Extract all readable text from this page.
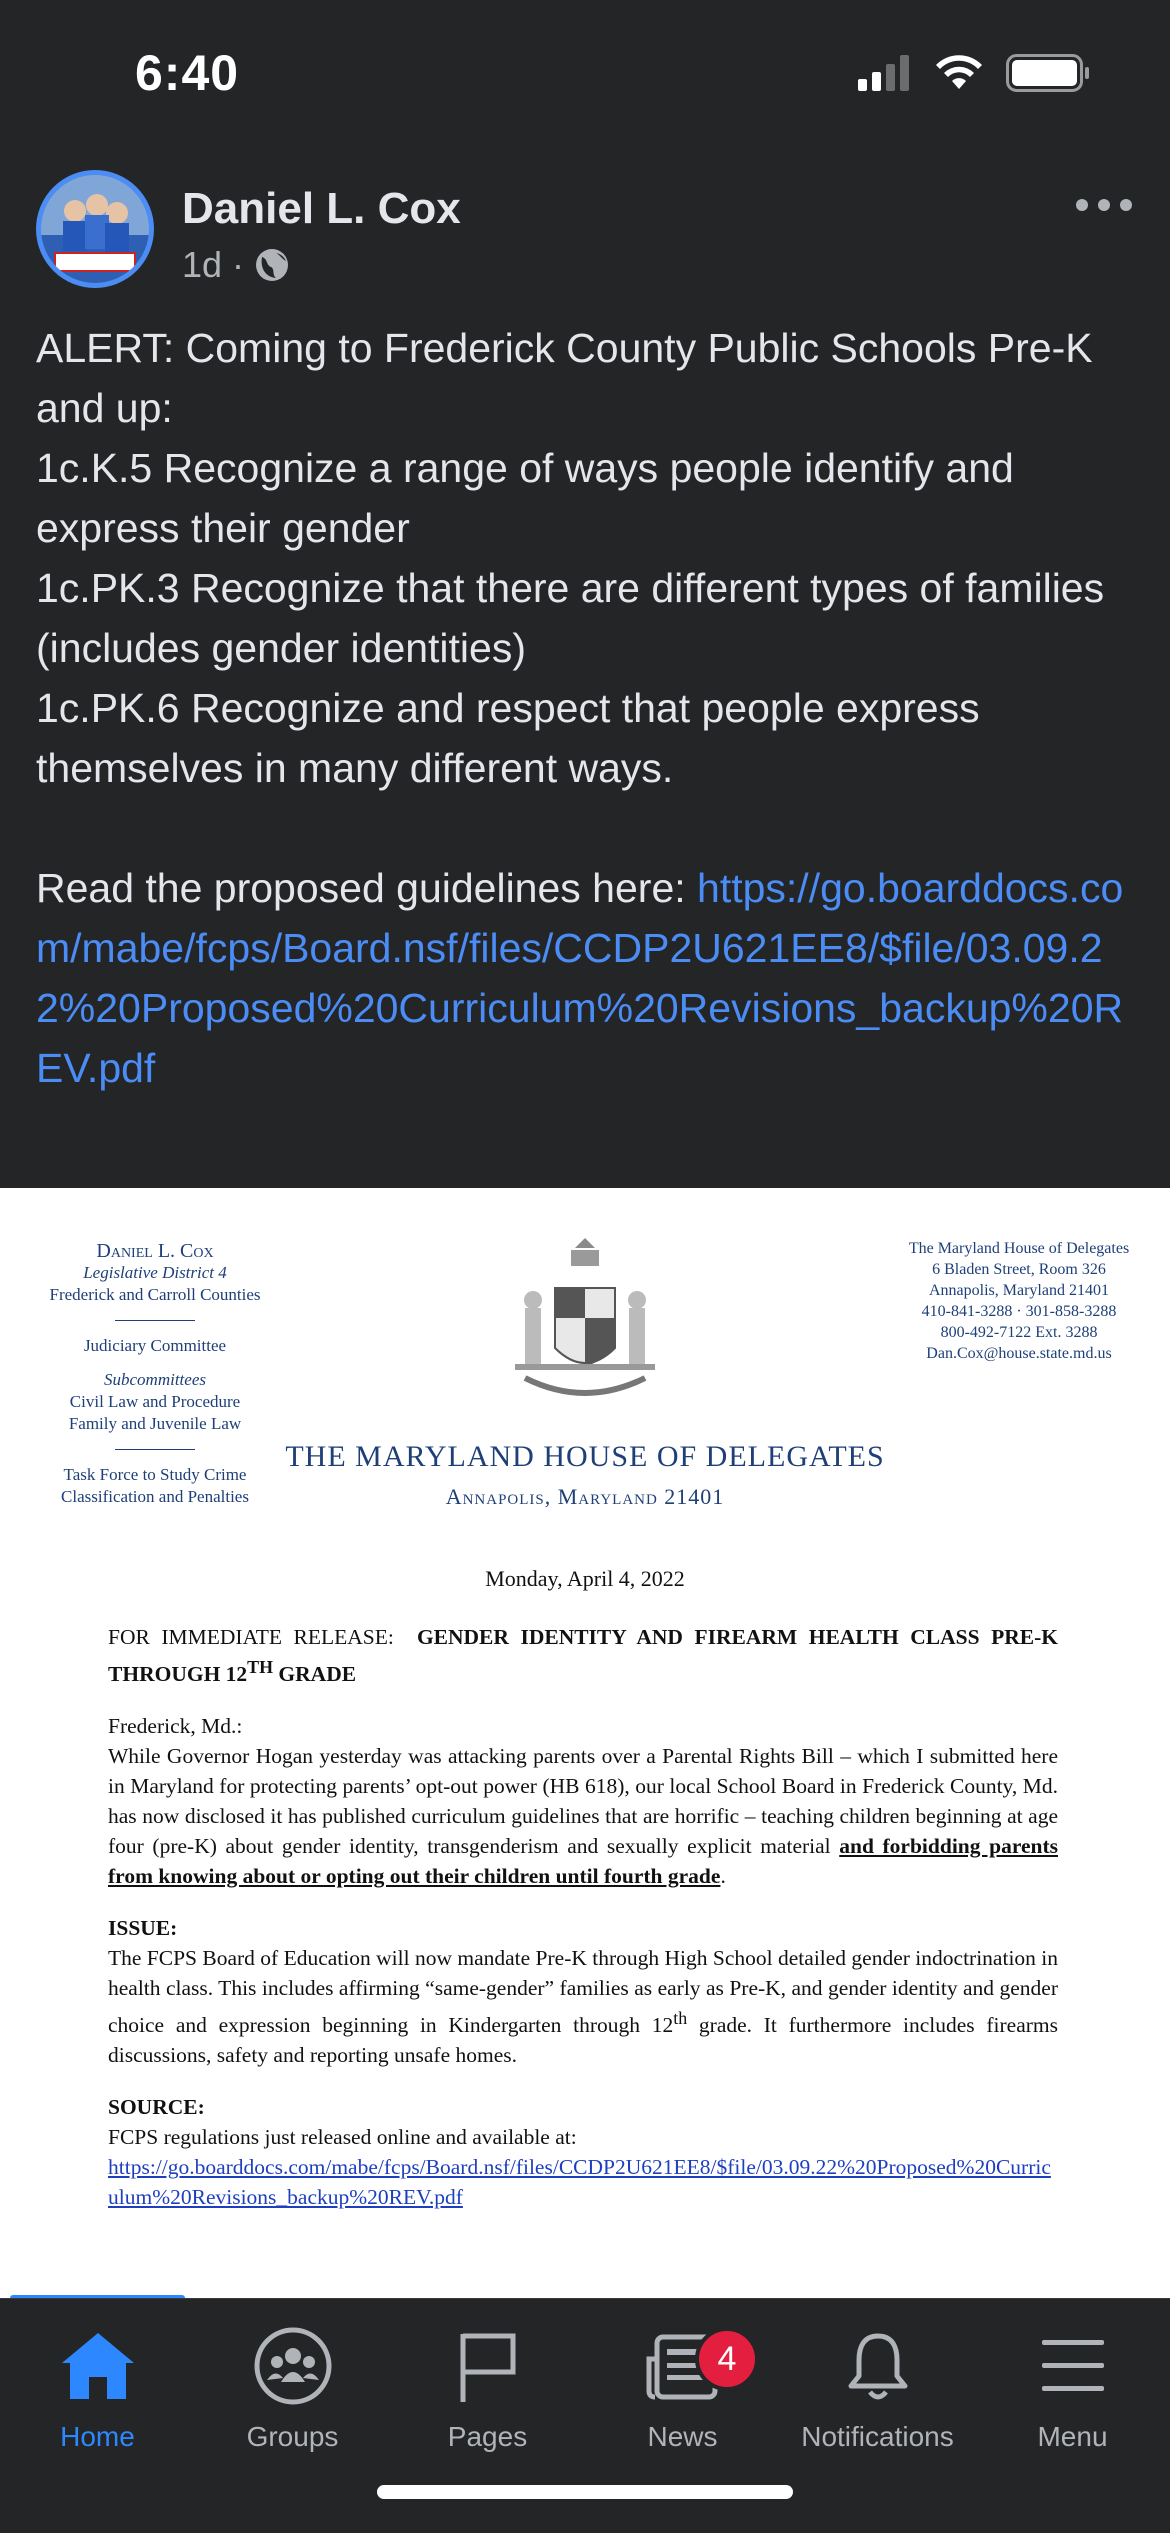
6:40
Daniel L. Cox
1d ·

ALERT: Coming to Frederick County Public Schools Pre-K and up:

1c.K.5 Recognize a range of ways people identify and express their gender

1c.PK.3 Recognize that there are different types of families (includes gender identities)

1c.PK.6 Recognize and respect that people express themselves in many different ways.

Read the proposed guidelines here: https://go.boarddocs.com/mabe/fcps/Board.nsf/files/CCDP2U621EE8/$file/03.09.22%20Proposed%20Curriculum%20Revisions_backup%20REV.pdf

Daniel L. Cox
Legislative District 4
Frederick and Carroll Counties
Judiciary Committee
Subcommittees
Civil Law and Procedure
Family and Juvenile Law
Task Force to Study Crime Classification and Penalties
The Maryland House of Delegates
6 Bladen Street, Room 326
Annapolis, Maryland 21401
410-841-3288 · 301-858-3288
800-492-7122 Ext. 3288
Dan.Cox@house.state.md.us
THE MARYLAND HOUSE OF DELEGATES
Annapolis, Maryland 21401
Monday, April 4, 2022

FOR IMMEDIATE RELEASE: GENDER IDENTITY AND FIREARM HEALTH CLASS PRE-K THROUGH 12TH GRADE

Frederick, Md.:
While Governor Hogan yesterday was attacking parents over a Parental Rights Bill – which I submitted here in Maryland for protecting parents’ opt-out power (HB 618), our local School Board in Frederick County, Md. has now disclosed it has published curriculum guidelines that are horrific – teaching children beginning at age four (pre-K) about gender identity, transgenderism and sexually explicit material and forbidding parents from knowing about or opting out their children until fourth grade.

ISSUE:
The FCPS Board of Education will now mandate Pre-K through High School detailed gender indoctrination in health class. This includes affirming “same-gender” families as early as Pre-K, and gender identity and gender choice and expression beginning in Kindergarten through 12th grade. It furthermore includes firearms discussions, safety and reporting unsafe homes.

SOURCE:
FCPS regulations just released online and available at:
https://go.boarddocs.com/mabe/fcps/Board.nsf/files/CCDP2U621EE8/$file/03.09.22%20Proposed%20Curriculum%20Revisions_backup%20REV.pdf

Home	Groups	Pages
4
News	Notifications	Menu
